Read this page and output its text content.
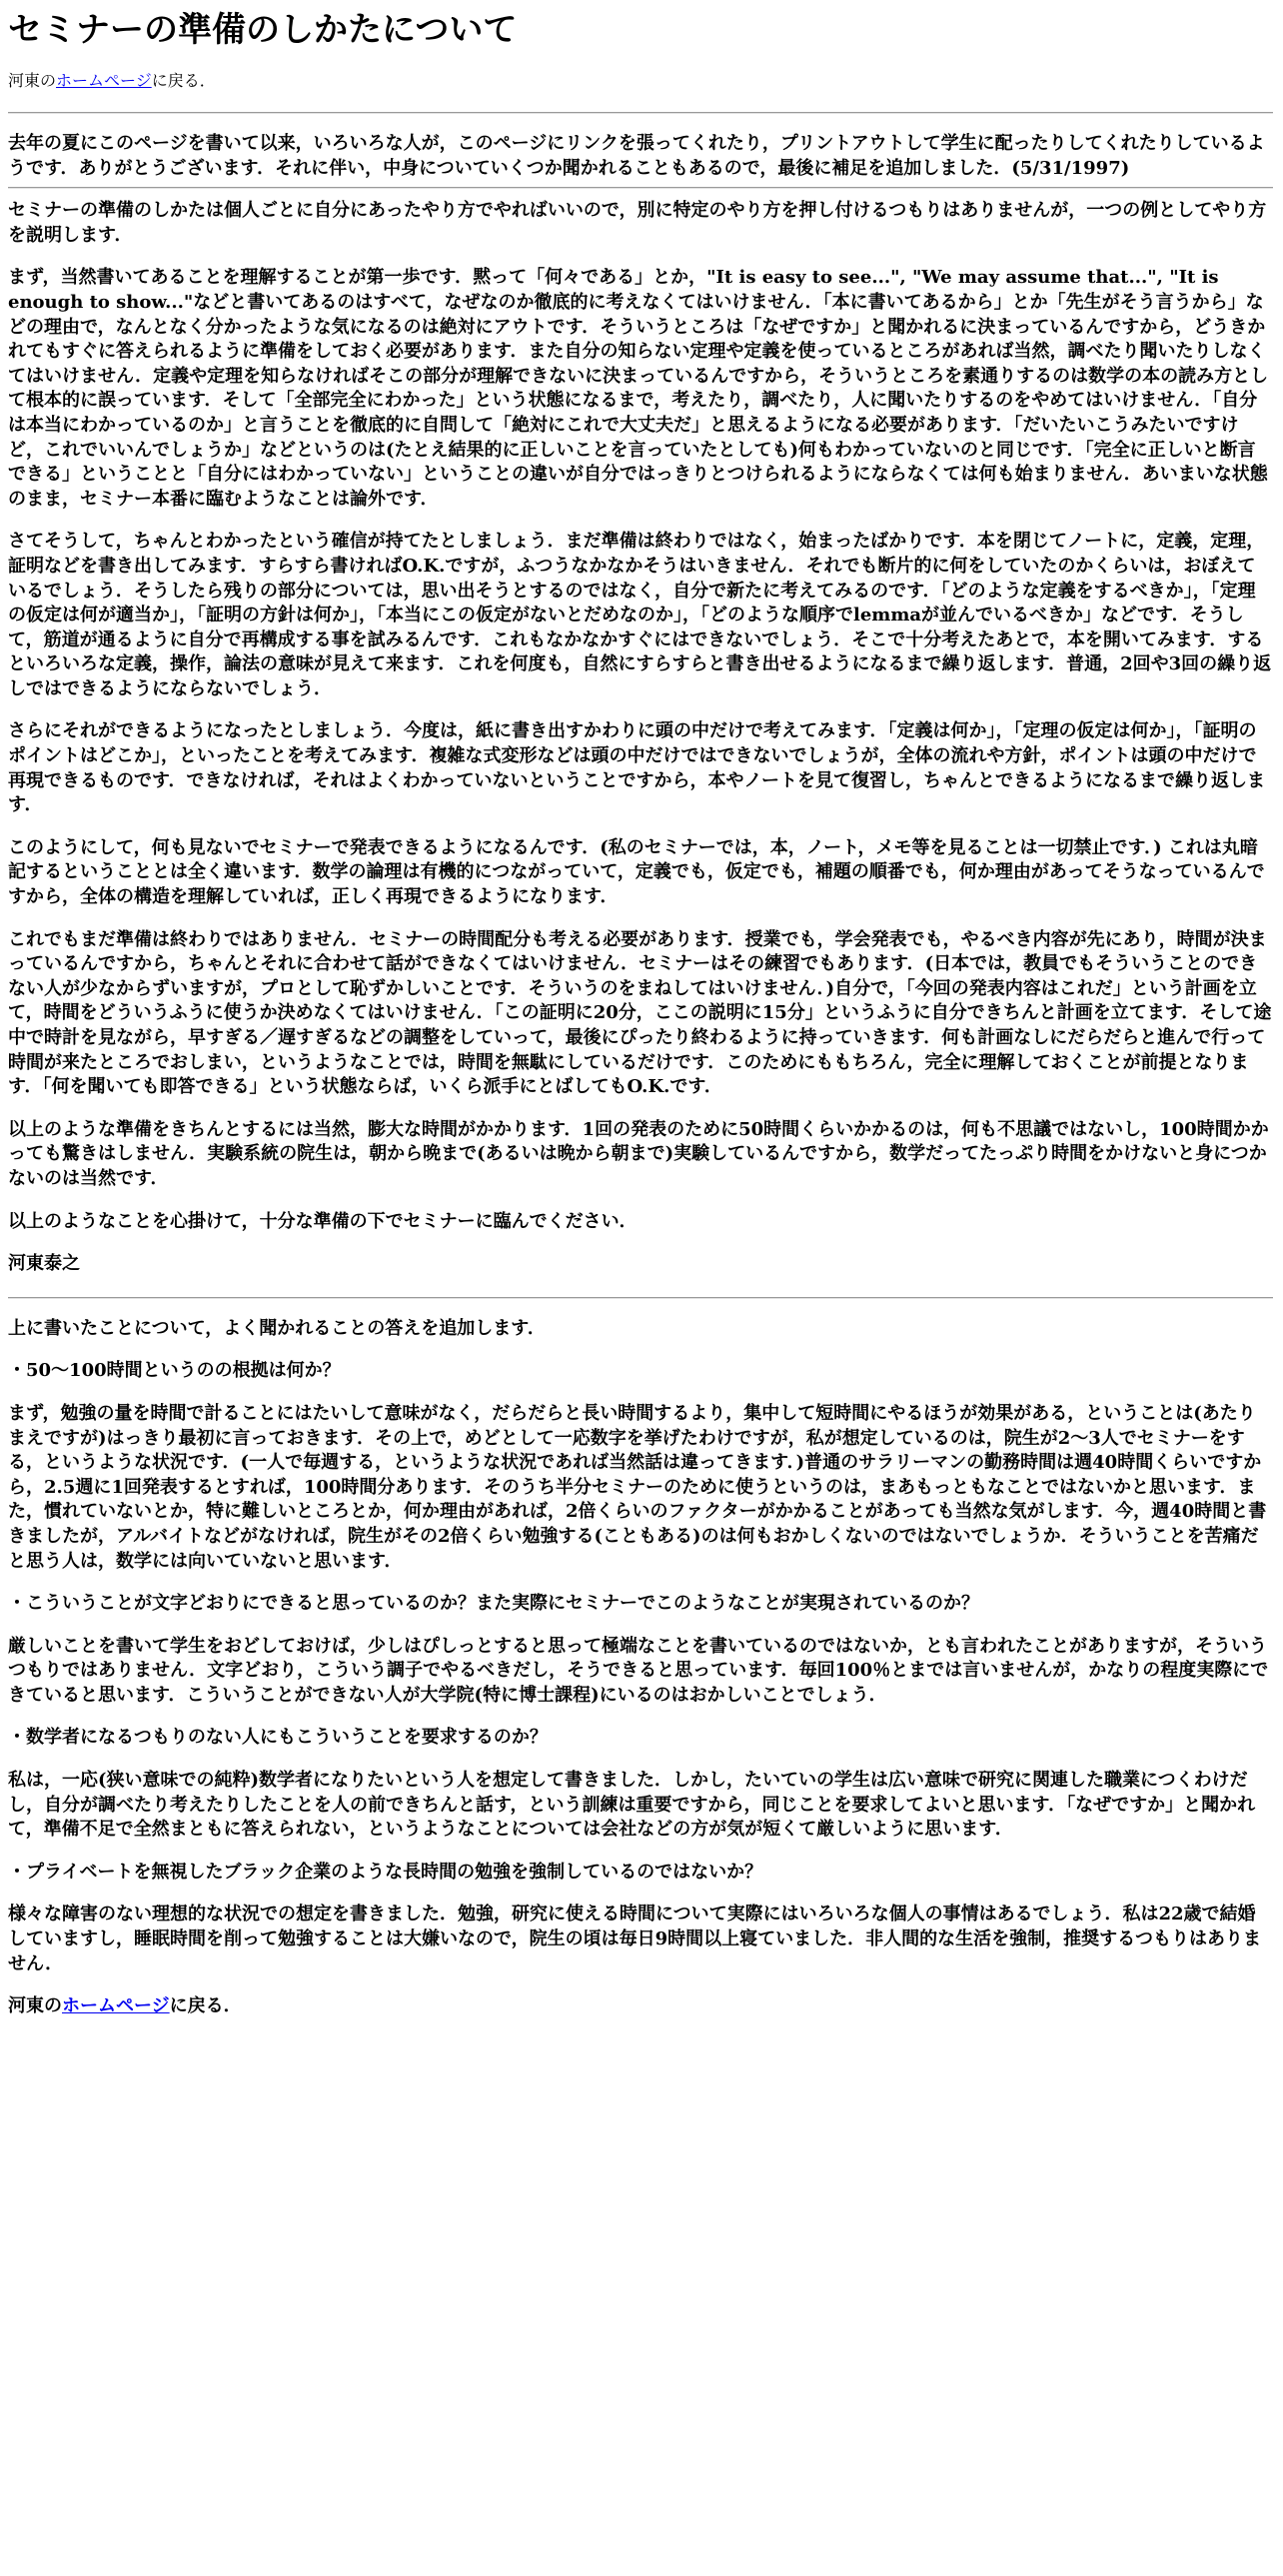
セミナーの準備のしかたについて
河東のホームページに戻る．

去年の夏にこのページを書いて以来，いろいろな人が，このページにリンクを張ってくれたり，プリントアウトして学生に配ったりしてくれたりしているようです．ありがとうございます．それに伴い，中身についていくつか聞かれることもあるので，最後に補足を追加しました．(5/31/1997)

セミナーの準備のしかたは個人ごとに自分にあったやり方でやればいいので，別に特定のやり方を押し付けるつもりはありませんが，一つの例としてやり方を説明します．

まず，当然書いてあることを理解することが第一歩です．黙って「何々である」とか，"It is easy to see...", "We may assume that...", "It is enough to show..."などと書いてあるのはすべて，なぜなのか徹底的に考えなくてはいけません．「本に書いてあるから」とか「先生がそう言うから」などの理由で，なんとなく分かったような気になるのは絶対にアウトです．そういうところは「なぜですか」と聞かれるに決まっているんですから，どうきかれてもすぐに答えられるように準備をしておく必要があります．また自分の知らない定理や定義を使っているところがあれば当然，調べたり聞いたりしなくてはいけません．定義や定理を知らなければそこの部分が理解できないに決まっているんですから，そういうところを素通りするのは数学の本の読み方として根本的に誤っています．そして「全部完全にわかった」という状態になるまで，考えたり，調べたり，人に聞いたりするのをやめてはいけません．「自分は本当にわかっているのか」と言うことを徹底的に自問して「絶対にこれで大丈夫だ」と思えるようになる必要があります．「だいたいこうみたいですけど，これでいいんでしょうか」などというのは(たとえ結果的に正しいことを言っていたとしても)何もわかっていないのと同じです．「完全に正しいと断言できる」ということと「自分にはわかっていない」ということの違いが自分ではっきりとつけられるようにならなくては何も始まりません．あいまいな状態のまま，セミナー本番に臨むようなことは論外です．

さてそうして，ちゃんとわかったという確信が持てたとしましょう．まだ準備は終わりではなく，始まったばかりです．本を閉じてノートに，定義，定理，証明などを書き出してみます．すらすら書ければO.K.ですが，ふつうなかなかそうはいきません．それでも断片的に何をしていたのかくらいは，おぼえているでしょう．そうしたら残りの部分については，思い出そうとするのではなく，自分で新たに考えてみるのです．「どのような定義をするべきか」，「定理の仮定は何が適当か」，「証明の方針は何か」，「本当にこの仮定がないとだめなのか」，「どのような順序でlemmaが並んでいるべきか」などです．そうして，筋道が通るように自分で再構成する事を試みるんです．これもなかなかすぐにはできないでしょう．そこで十分考えたあとで，本を開いてみます．するといろいろな定義，操作，論法の意味が見えて来ます．これを何度も，自然にすらすらと書き出せるようになるまで繰り返します．普通，2回や3回の繰り返しではできるようにならないでしょう．

さらにそれができるようになったとしましょう．今度は，紙に書き出すかわりに頭の中だけで考えてみます．「定義は何か」，「定理の仮定は何か」，「証明のポイントはどこか」，といったことを考えてみます．複雑な式変形などは頭の中だけではできないでしょうが，全体の流れや方針，ポイントは頭の中だけで再現できるものです．できなければ，それはよくわかっていないということですから，本やノートを見て復習し，ちゃんとできるようになるまで繰り返します．

このようにして，何も見ないでセミナーで発表できるようになるんです．(私のセミナーでは，本，ノート，メモ等を見ることは一切禁止です．) これは丸暗記するということとは全く違います．数学の論理は有機的につながっていて，定義でも，仮定でも，補題の順番でも，何か理由があってそうなっているんですから，全体の構造を理解していれば，正しく再現できるようになります．

これでもまだ準備は終わりではありません．セミナーの時間配分も考える必要があります．授業でも，学会発表でも，やるべき内容が先にあり，時間が決まっているんですから，ちゃんとそれに合わせて話ができなくてはいけません．セミナーはその練習でもあります．(日本では，教員でもそういうことのできない人が少なからずいますが，プロとして恥ずかしいことです．そういうのをまねしてはいけません．)自分で，「今回の発表内容はこれだ」という計画を立て，時間をどういうふうに使うか決めなくてはいけません．「この証明に20分，ここの説明に15分」というふうに自分できちんと計画を立てます．そして途中で時計を見ながら，早すぎる／遅すぎるなどの調整をしていって，最後にぴったり終わるように持っていきます．何も計画なしにだらだらと進んで行って時間が来たところでおしまい，というようなことでは，時間を無駄にしているだけです．このためにももちろん，完全に理解しておくことが前提となります．「何を聞いても即答できる」という状態ならば，いくら派手にとばしてもO.K.です．

以上のような準備をきちんとするには当然，膨大な時間がかかります．1回の発表のために50時間くらいかかるのは，何も不思議ではないし，100時間かかっても驚きはしません．実験系統の院生は，朝から晩まで(あるいは晩から朝まで)実験しているんですから，数学だってたっぷり時間をかけないと身につかないのは当然です．

以上のようなことを心掛けて，十分な準備の下でセミナーに臨んでください．

河東泰之

上に書いたことについて，よく聞かれることの答えを追加します．

・50～100時間というのの根拠は何か？

まず，勉強の量を時間で計ることにはたいして意味がなく，だらだらと長い時間するより，集中して短時間にやるほうが効果がある，ということは(あたりまえですが)はっきり最初に言っておきます．その上で，めどとして一応数字を挙げたわけですが，私が想定しているのは，院生が2～3人でセミナーをする，というような状況です．(一人で毎週する，というような状況であれば当然話は違ってきます．)普通のサラリーマンの勤務時間は週40時間くらいですから，2.5週に1回発表するとすれば，100時間分あります．そのうち半分セミナーのために使うというのは，まあもっともなことではないかと思います．また，慣れていないとか，特に難しいところとか，何か理由があれば，2倍くらいのファクターがかかることがあっても当然な気がします．今，週40時間と書きましたが，アルバイトなどがなければ，院生がその2倍くらい勉強する(こともある)のは何もおかしくないのではないでしょうか．そういうことを苦痛だと思う人は，数学には向いていないと思います．

・こういうことが文字どおりにできると思っているのか？また実際にセミナーでこのようなことが実現されているのか？

厳しいことを書いて学生をおどしておけば，少しはぴしっとすると思って極端なことを書いているのではないか，とも言われたことがありますが，そういうつもりではありません．文字どおり，こういう調子でやるべきだし，そうできると思っています．毎回100％とまでは言いませんが，かなりの程度実際にできていると思います．こういうことができない人が大学院(特に博士課程)にいるのはおかしいことでしょう．

・数学者になるつもりのない人にもこういうことを要求するのか？

私は，一応(狭い意味での純粋)数学者になりたいという人を想定して書きました．しかし，たいていの学生は広い意味で研究に関連した職業につくわけだし，自分が調べたり考えたりしたことを人の前できちんと話す，という訓練は重要ですから，同じことを要求してよいと思います．「なぜですか」と聞かれて，準備不足で全然まともに答えられない，というようなことについては会社などの方が気が短くて厳しいように思います．

・プライベートを無視したブラック企業のような長時間の勉強を強制しているのではないか？

様々な障害のない理想的な状況での想定を書きました．勉強，研究に使える時間について実際にはいろいろな個人の事情はあるでしょう．私は22歳で結婚していますし，睡眠時間を削って勉強することは大嫌いなので，院生の頃は毎日9時間以上寝ていました．非人間的な生活を強制，推奨するつもりはありません．

河東のホームページに戻る．
